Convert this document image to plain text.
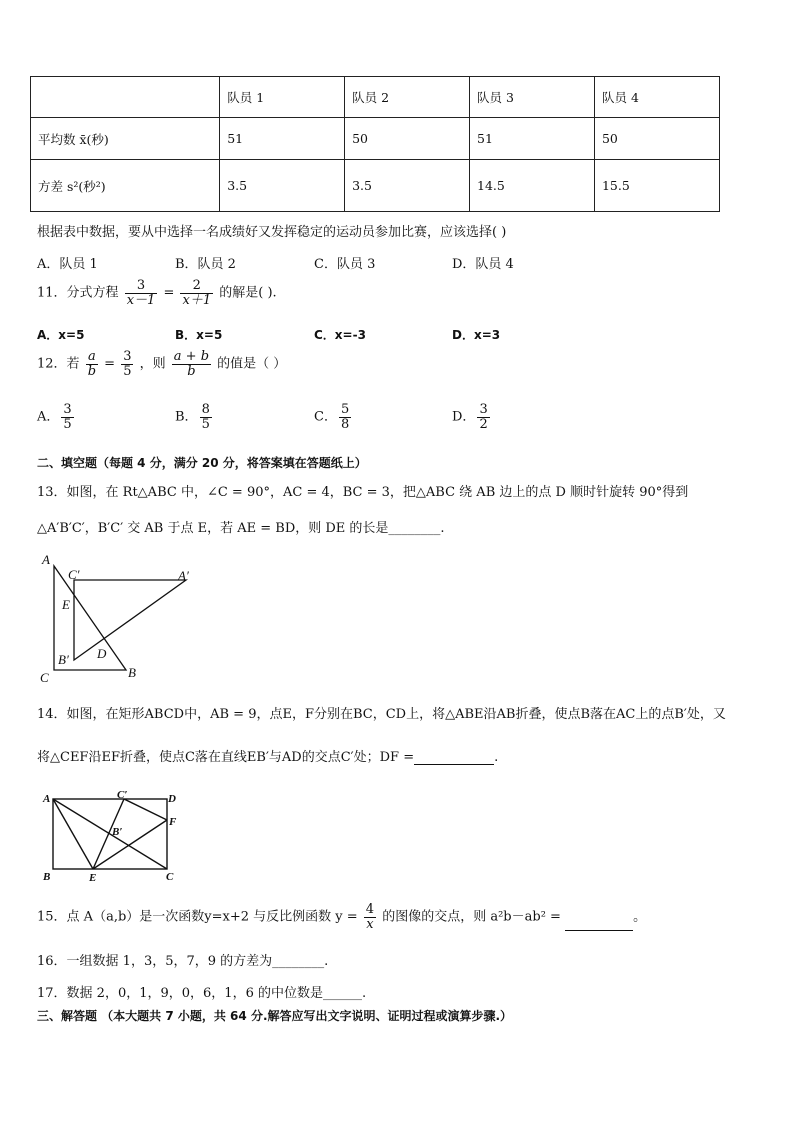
	队员 1	队员 2	队员 3	队员 4
平均数 x̄(秒)	51	50	51	50
方差 s²(秒²)	3.5	3.5	14.5	15.5
根据表中数据，要从中选择一名成绩好又发挥稳定的运动员参加比赛，应该选择( )
A．队员 1	B．队员 2	C．队员 3	D．队员 4
11．分式方程 $\frac{3}{x-1} = \frac{2}{x+1}$ 的解是( ).
A．x=5	B．x=5	C．x=-3	D．x=3
12．若 $\frac{a}{b} = \frac{3}{5}$ ，则 $\frac{a + b}{b}$ 的值是（ ）
A． $\frac{3}{5}$	B． $\frac{8}{5}$	C． $\frac{5}{8}$	D． $\frac{3}{2}$
二、填空题（每题 4 分，满分 20 分，将答案填在答题纸上）
13．如图，在 Rt△ABC 中，∠C = 90°，AC = 4，BC = 3，把△ABC 绕 AB 边上的点 D 顺时针旋转 90°得到
△A′B′C′，B′C′ 交 AB 于点 E，若 AE = BD，则 DE 的长是________.
A
C′	A′
E
B′ D
C	B
14．如图，在矩形ABCD中，AB = 9，点E，F分别在BC，CD上，将△ABE沿AB折叠，使点B落在AC上的点B′处，又
将△CEF沿EF折叠，使点C落在直线EB′与AD的交点C′处；DF =	.
A	C′	D
F
B′
B	E	C
15．点 A（a,b）是一次函数y=x+2 与反比例函数 $y = \frac{4}{x}$ 的图像的交点，则 a²b－ab² =	。
16．一组数据 1，3，5，7，9 的方差为________.
17．数据 2，0，1，9，0，6，1，6 的中位数是______.
三、解答题 （本大题共 7 小题，共 64 分.解答应写出文字说明、证明过程或演算步骤.）
